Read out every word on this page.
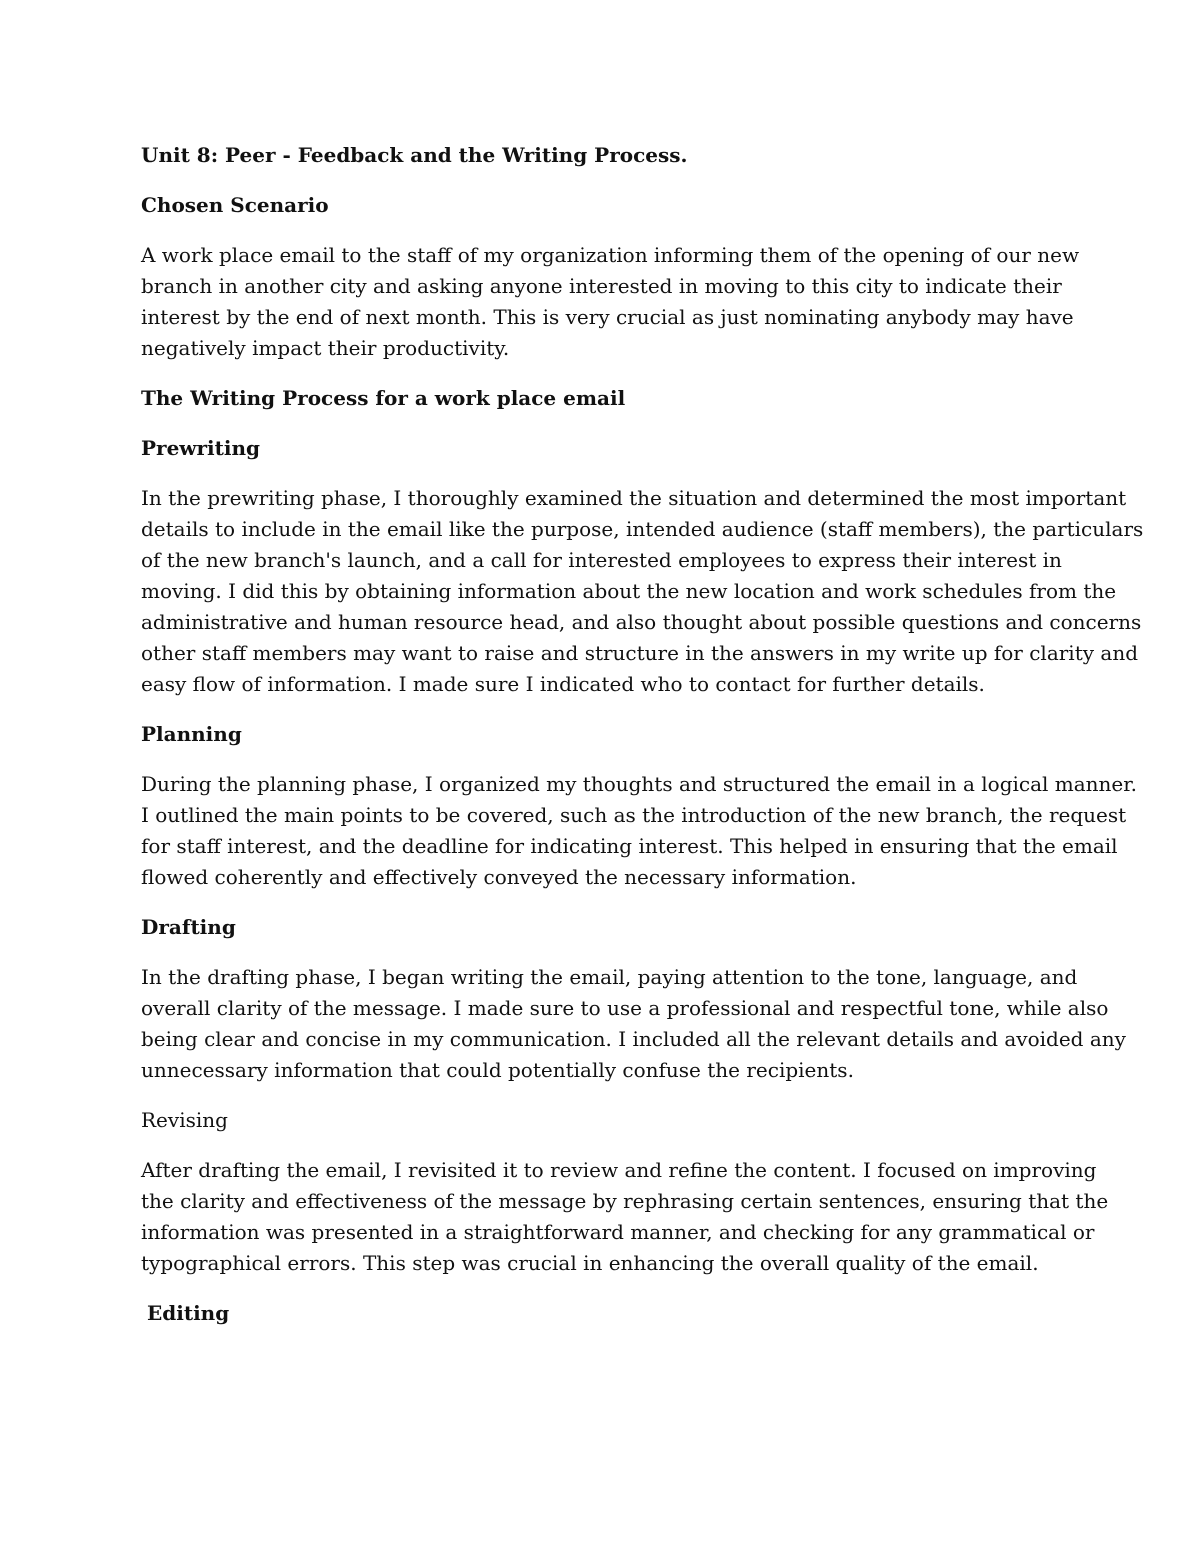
Unit 8: Peer - Feedback and the Writing Process.

Chosen Scenario

A work place email to the staff of my organization informing them of the opening of our new

branch in another city and asking anyone interested in moving to this city to indicate their

interest by the end of next month. This is very crucial as just nominating anybody may have

negatively impact their productivity.

The Writing Process for a work place email

Prewriting

In the prewriting phase, I thoroughly examined the situation and determined the most important

details to include in the email like the purpose, intended audience (staff members), the particulars

of the new branch's launch, and a call for interested employees to express their interest in

moving. I did this by obtaining information about the new location and work schedules from the

administrative and human resource head, and also thought about possible questions and concerns

other staff members may want to raise and structure in the answers in my write up for clarity and

easy flow of information. I made sure I indicated who to contact for further details.

Planning

During the planning phase, I organized my thoughts and structured the email in a logical manner.

I outlined the main points to be covered, such as the introduction of the new branch, the request

for staff interest, and the deadline for indicating interest. This helped in ensuring that the email

flowed coherently and effectively conveyed the necessary information.

Drafting

In the drafting phase, I began writing the email, paying attention to the tone, language, and

overall clarity of the message. I made sure to use a professional and respectful tone, while also

being clear and concise in my communication. I included all the relevant details and avoided any

unnecessary information that could potentially confuse the recipients.

Revising

After drafting the email, I revisited it to review and refine the content. I focused on improving

the clarity and effectiveness of the message by rephrasing certain sentences, ensuring that the

information was presented in a straightforward manner, and checking for any grammatical or

typographical errors. This step was crucial in enhancing the overall quality of the email.

Editing
